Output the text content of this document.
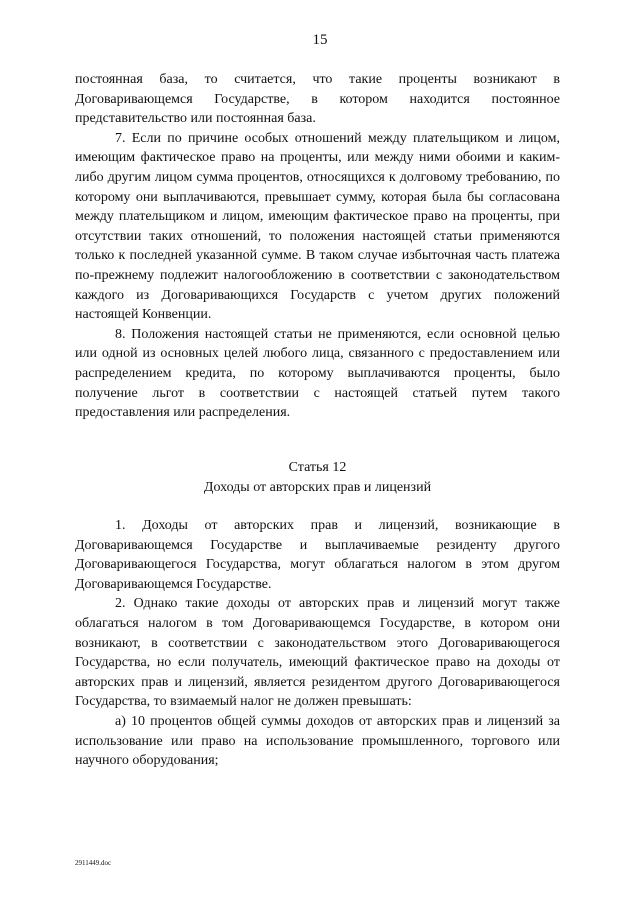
15

постоянная база, то считается, что такие проценты возникают в Договаривающемся Государстве, в котором находится постоянное представительство или постоянная база.

7. Если по причине особых отношений между плательщиком и лицом, имеющим фактическое право на проценты, или между ними обоими и каким-либо другим лицом сумма процентов, относящихся к долговому требованию, по которому они выплачиваются, превышает сумму, которая была бы согласована между плательщиком и лицом, имеющим фактическое право на проценты, при отсутствии таких отношений, то положения настоящей статьи применяются только к последней указанной сумме. В таком случае избыточная часть платежа по-прежнему подлежит налогообложению в соответствии с законодательством каждого из Договаривающихся Государств с учетом других положений настоящей Конвенции.

8. Положения настоящей статьи не применяются, если основной целью или одной из основных целей любого лица, связанного с предоставлением или распределением кредита, по которому выплачиваются проценты, было получение льгот в соответствии с настоящей статьей путем такого предоставления или распределения.

Статья 12
Доходы от авторских прав и лицензий

1. Доходы от авторских прав и лицензий, возникающие в Договаривающемся Государстве и выплачиваемые резиденту другого Договаривающегося Государства, могут облагаться налогом в этом другом Договаривающемся Государстве.

2. Однако такие доходы от авторских прав и лицензий могут также облагаться налогом в том Договаривающемся Государстве, в котором они возникают, в соответствии с законодательством этого Договаривающегося Государства, но если получатель, имеющий фактическое право на доходы от авторских прав и лицензий, является резидентом другого Договаривающегося Государства, то взимаемый налог не должен превышать:

а) 10 процентов общей суммы доходов от авторских прав и лицензий за использование или право на использование промышленного, торгового или научного оборудования;

2911449.doc
